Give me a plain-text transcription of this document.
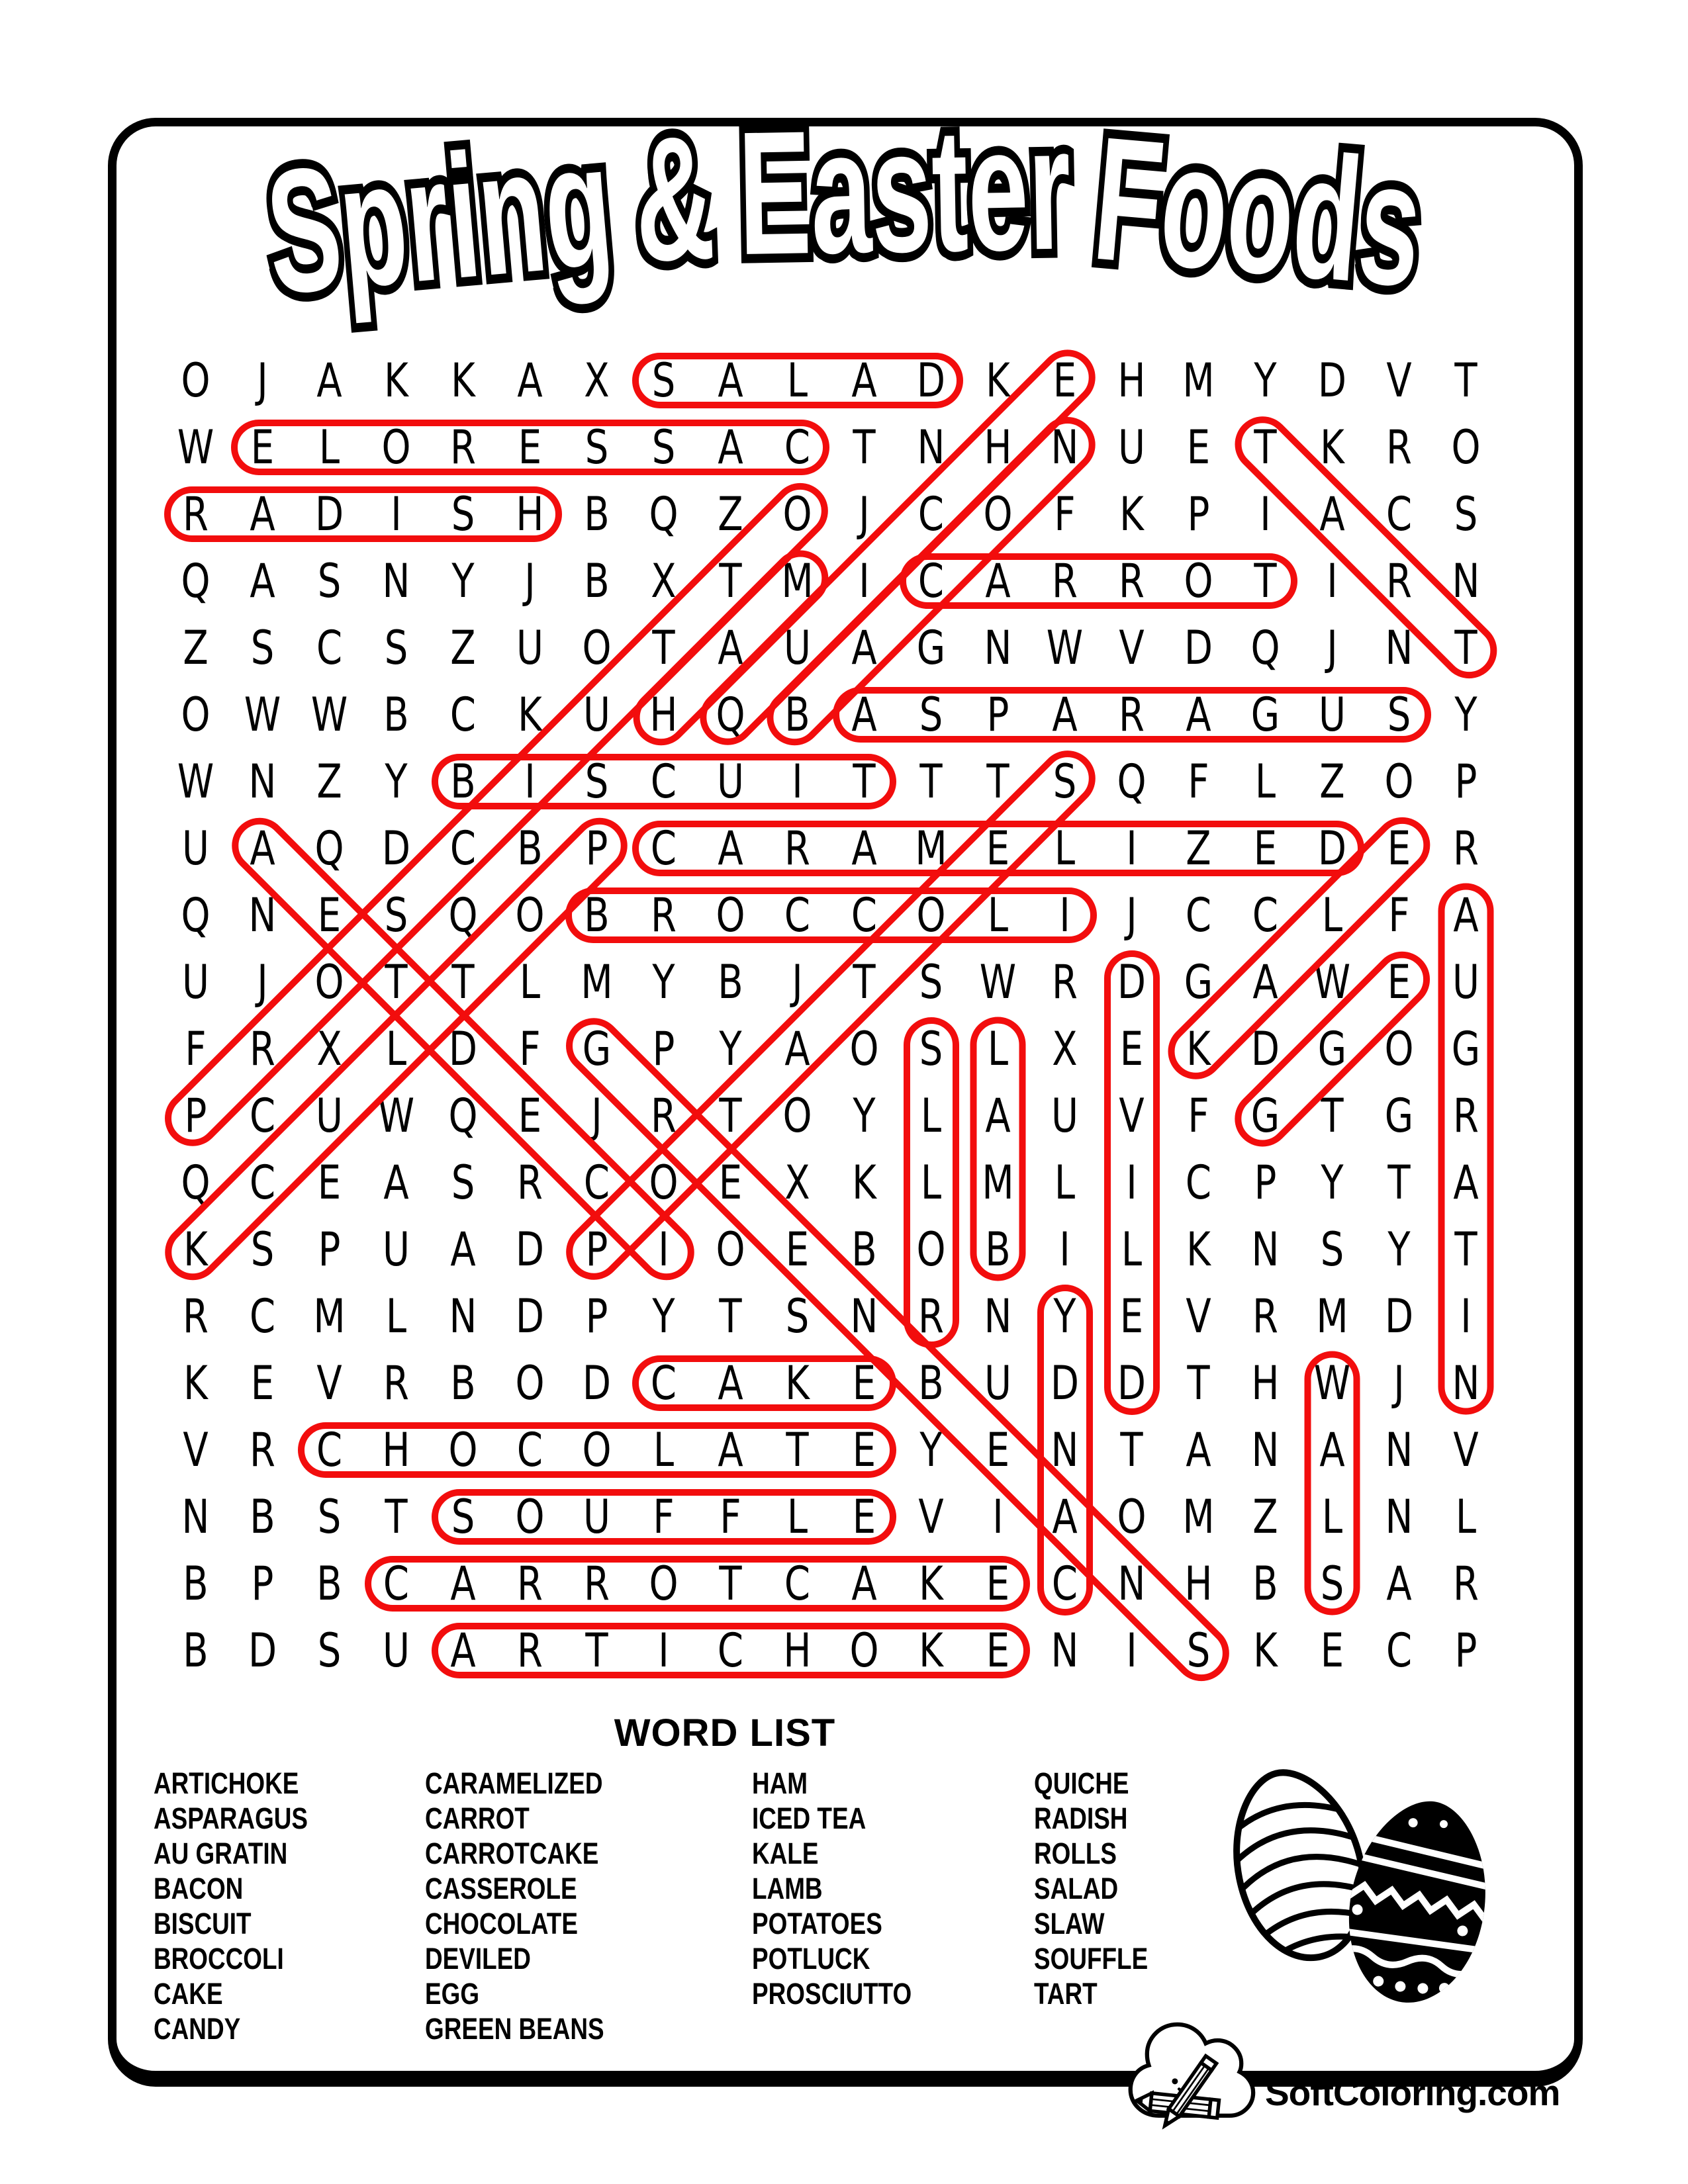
Spring Spring & & Easter Easter Foods Foods
O	J	A K K A X S A L A D K E H M Y D V T
W E L O R E S S A C T N H N U E T K R O
R A D	I	S H B Q Z O	J	C O F K P	I	A C S
Q A S N Y	J	B X T M I	C A R R O T	I	R N
Z S C S Z U O T A U A G N W V D Q	J	N T
O W W B C K U H Q B A S P A R A G U S Y
W N Z Y B	I	S C U	I	T T T S Q F L Z O P
U A Q D C B P C A R A M E L	I	Z E D E R
Q N E S Q O B R O C C O L	I	J	C C L F A
U	J	O T T L M Y B	J	T S W R D G A W E U
F R X L D F G P Y A O S L X E K D G O G
P C U W Q E	J	R T O Y L A U V F G T G R
Q C E A S R C O E X K L M L	I	C P Y T A
K S P U A D P	I	O E B O B	I	L K N S Y T
R C M L N D P Y T S N R N Y E V R M D	I
K E V R B O D C A K E B U D D T H W J	N
V R C H O C O L A T E Y E N T A N A N V
N B S T S O U F F L E V	I	A O M Z L N L
B P B C A R R O T C A K E C N H B S A R
B D S U A R T	I	C H O K E N	I	S K E C P
WORD LIST
ARTICHOKE
ASPARAGUS
AU GRATIN
BACON
BISCUIT
BROCCOLI
CAKE
CANDY
CARAMELIZED
CARROT
CARROTCAKE
CASSEROLE
CHOCOLATE
DEVILED
EGG
GREEN BEANS
HAM
ICED TEA
KALE
LAMB
POTATOES
POTLUCK
PROSCIUTTO
QUICHE
RADISH
ROLLS
SALAD
SLAW
SOUFFLE
TART
SoftColoring.com
